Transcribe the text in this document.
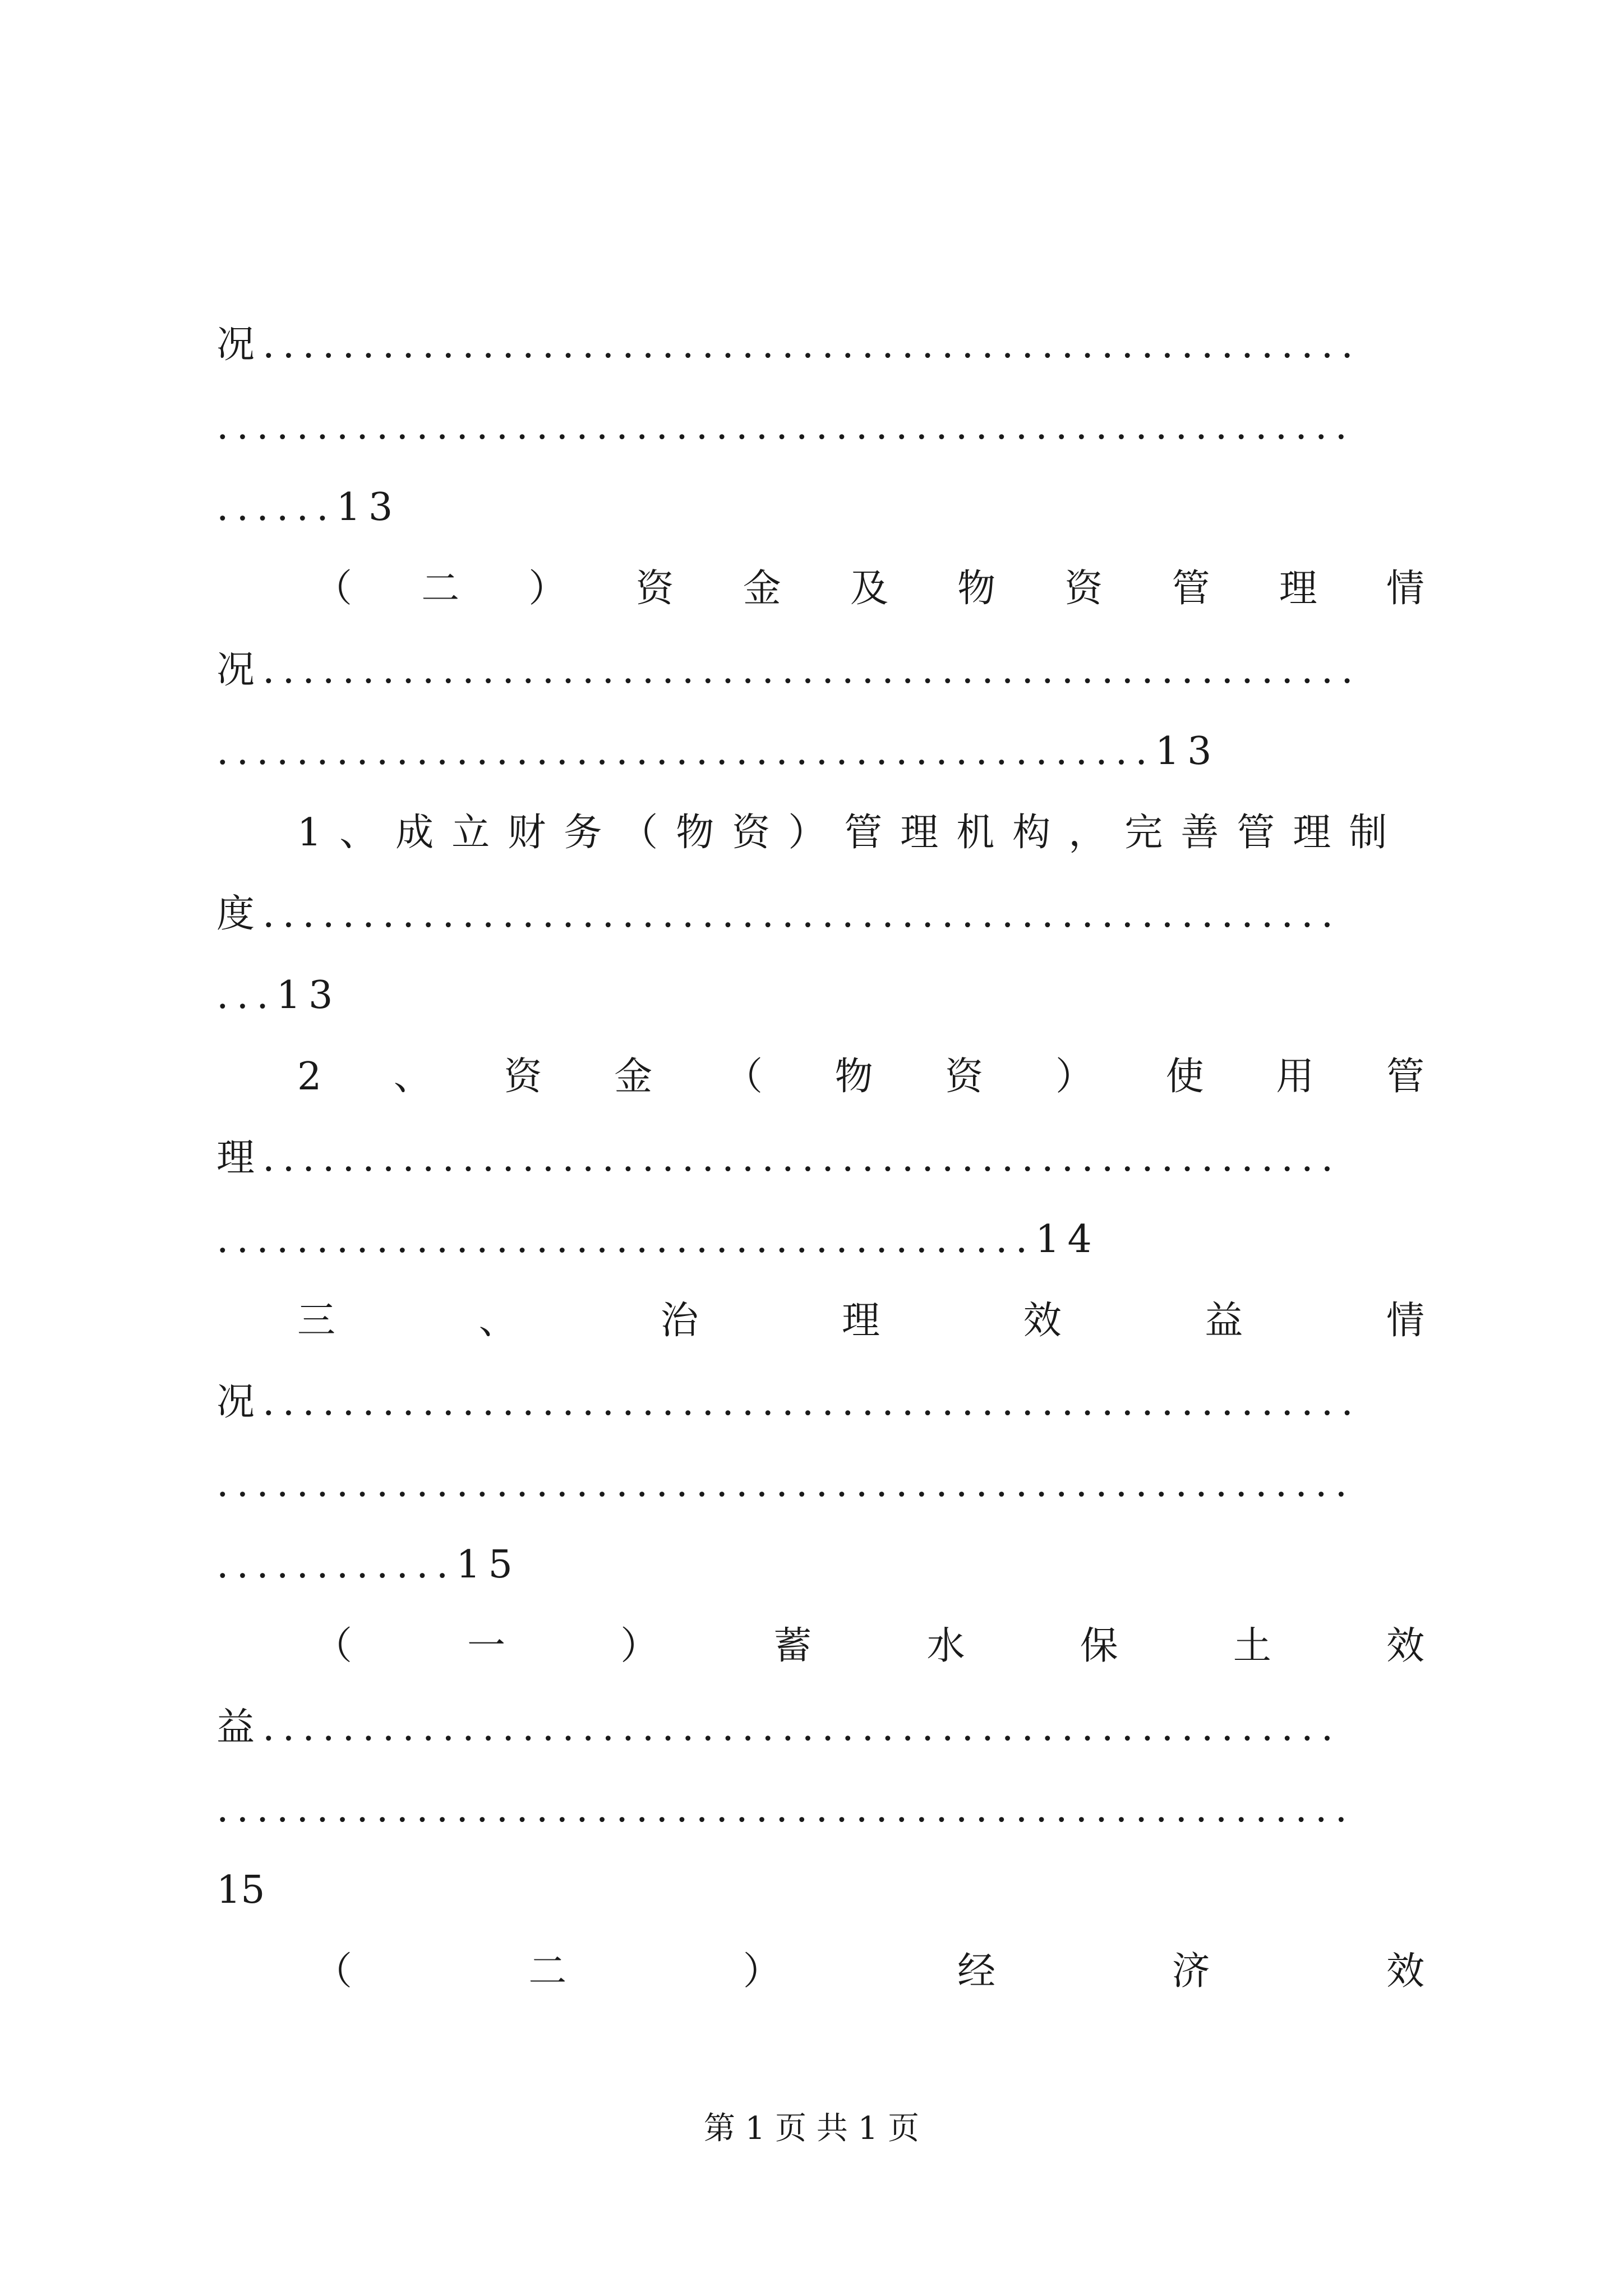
况.......................................................
.........................................................
......13
（ 二 ） 资 金 及 物 资 管 理 情
况.......................................................
...............................................13
1、成立财务（物资）管理机构，完善管理制
度......................................................
...13
2 、 资 金 （ 物 资 ） 使 用 管
理......................................................
.........................................14
三	、	治	理	效	益	情
况.......................................................
.........................................................
............15
（	一	）	蓄	水	保	土	效
益......................................................
.........................................................
15
（	二	）	经	济	效
第 1 页 共 1 页
